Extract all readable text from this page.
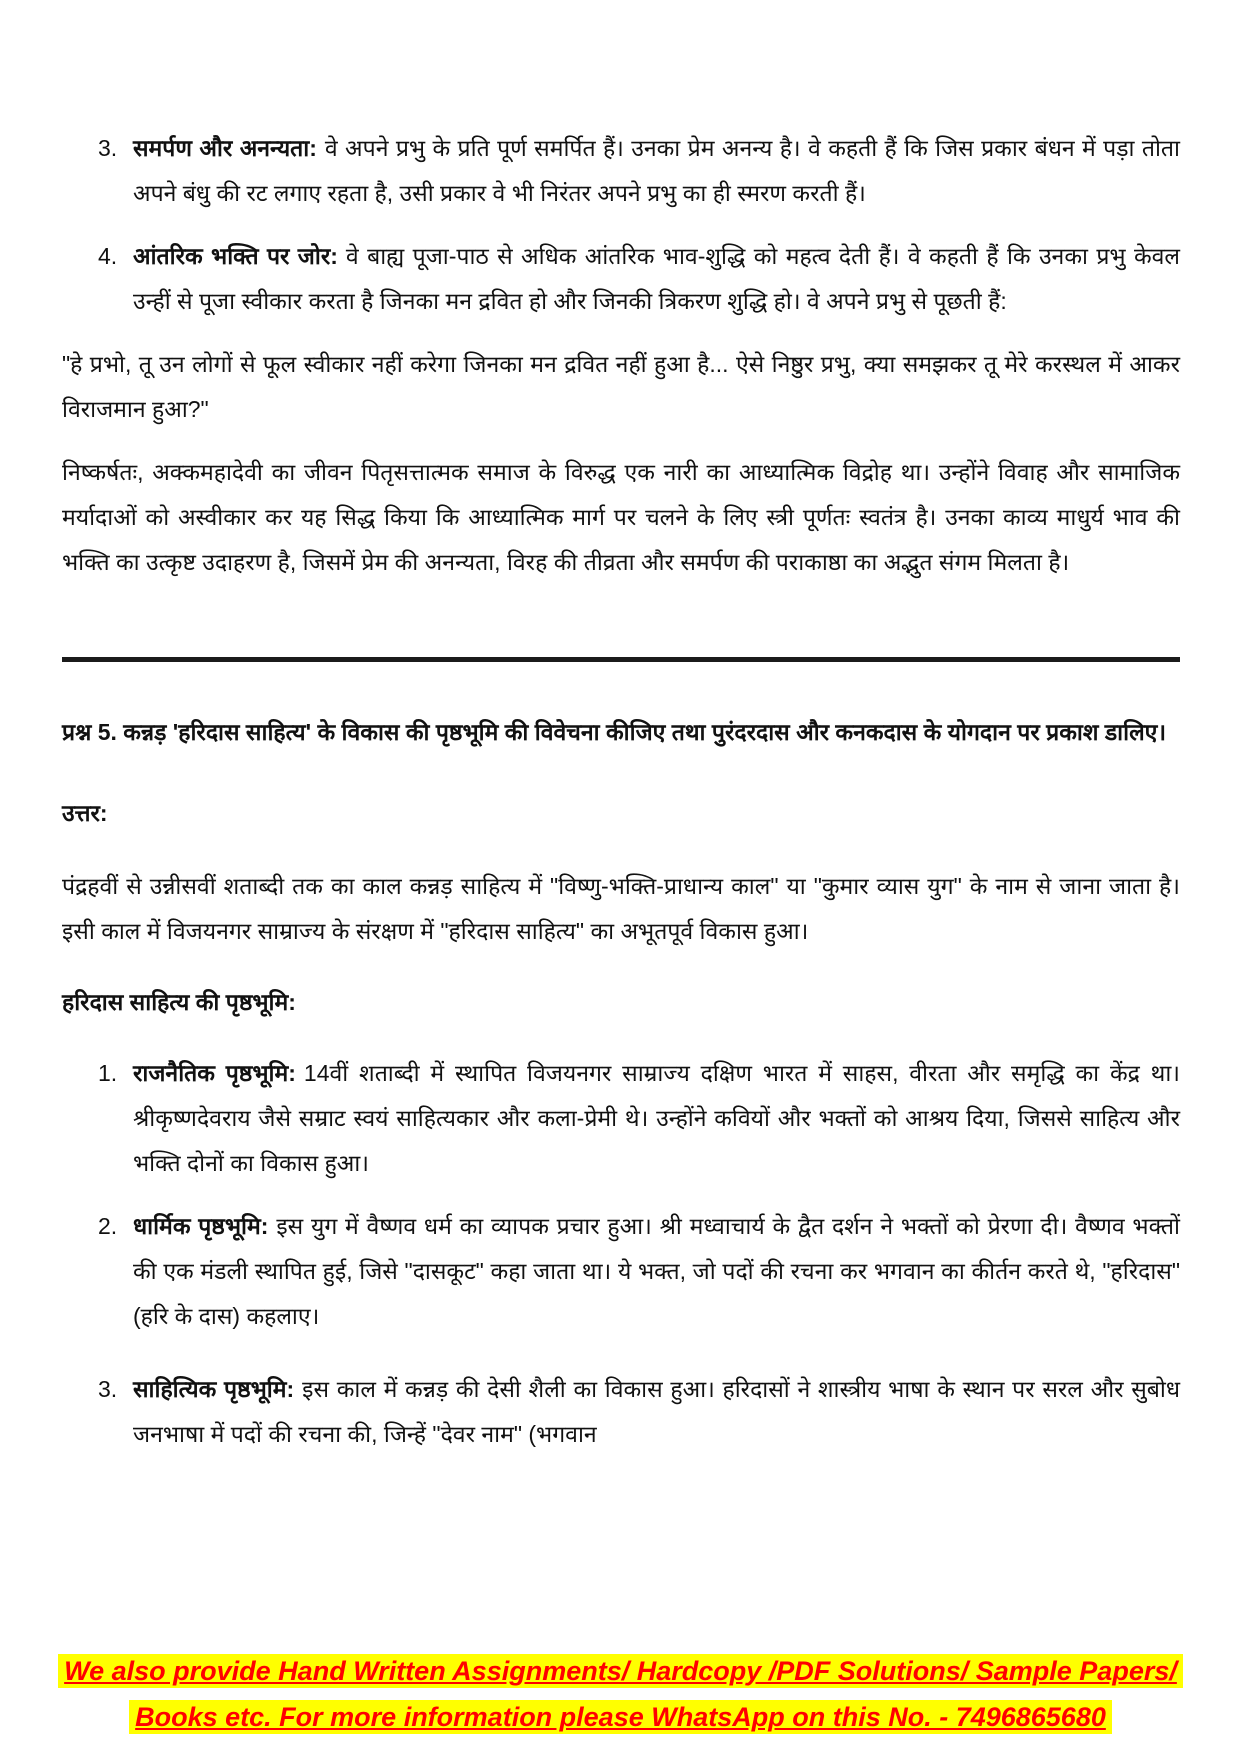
3. समर्पण और अनन्यता: वे अपने प्रभु के प्रति पूर्ण समर्पित हैं। उनका प्रेम अनन्य है। वे कहती हैं कि जिस प्रकार बंधन में पड़ा तोता अपने बंधु की रट लगाए रहता है, उसी प्रकार वे भी निरंतर अपने प्रभु का ही स्मरण करती हैं।
4. आंतरिक भक्ति पर जोर: वे बाह्य पूजा-पाठ से अधिक आंतरिक भाव-शुद्धि को महत्व देती हैं। वे कहती हैं कि उनका प्रभु केवल उन्हीं से पूजा स्वीकार करता है जिनका मन द्रवित हो और जिनकी त्रिकरण शुद्धि हो। वे अपने प्रभु से पूछती हैं:

"हे प्रभो, तू उन लोगों से फूल स्वीकार नहीं करेगा जिनका मन द्रवित नहीं हुआ है... ऐसे निष्ठुर प्रभु, क्या समझकर तू मेरे करस्थल में आकर विराजमान हुआ?"

निष्कर्षतः, अक्कमहादेवी का जीवन पितृसत्तात्मक समाज के विरुद्ध एक नारी का आध्यात्मिक विद्रोह था। उन्होंने विवाह और सामाजिक मर्यादाओं को अस्वीकार कर यह सिद्ध किया कि आध्यात्मिक मार्ग पर चलने के लिए स्त्री पूर्णतः स्वतंत्र है। उनका काव्य माधुर्य भाव की भक्ति का उत्कृष्ट उदाहरण है, जिसमें प्रेम की अनन्यता, विरह की तीव्रता और समर्पण की पराकाष्ठा का अद्भुत संगम मिलता है।

प्रश्न 5. कन्नड़ 'हरिदास साहित्य' के विकास की पृष्ठभूमि की विवेचना कीजिए तथा पुरंदरदास और कनकदास के योगदान पर प्रकाश डालिए।

उत्तर:

पंद्रहवीं से उन्नीसवीं शताब्दी तक का काल कन्नड़ साहित्य में "विष्णु-भक्ति-प्राधान्य काल" या "कुमार व्यास युग" के नाम से जाना जाता है। इसी काल में विजयनगर साम्राज्य के संरक्षण में "हरिदास साहित्य" का अभूतपूर्व विकास हुआ।

हरिदास साहित्य की पृष्ठभूमि:
1. राजनैतिक पृष्ठभूमि: 14वीं शताब्दी में स्थापित विजयनगर साम्राज्य दक्षिण भारत में साहस, वीरता और समृद्धि का केंद्र था। श्रीकृष्णदेवराय जैसे सम्राट स्वयं साहित्यकार और कला-प्रेमी थे। उन्होंने कवियों और भक्तों को आश्रय दिया, जिससे साहित्य और भक्ति दोनों का विकास हुआ।
2. धार्मिक पृष्ठभूमि: इस युग में वैष्णव धर्म का व्यापक प्रचार हुआ। श्री मध्वाचार्य के द्वैत दर्शन ने भक्तों को प्रेरणा दी। वैष्णव भक्तों की एक मंडली स्थापित हुई, जिसे "दासकूट" कहा जाता था। ये भक्त, जो पदों की रचना कर भगवान का कीर्तन करते थे, "हरिदास" (हरि के दास) कहलाए।
3. साहित्यिक पृष्ठभूमि: इस काल में कन्नड़ की देसी शैली का विकास हुआ। हरिदासों ने शास्त्रीय भाषा के स्थान पर सरल और सुबोध जनभाषा में पदों की रचना की, जिन्हें "देवर नाम" (भगवान
We also provide Hand Written Assignments/ Hardcopy /PDF Solutions/ Sample Papers/
Books etc. For more information please WhatsApp on this No. - 7496865680
